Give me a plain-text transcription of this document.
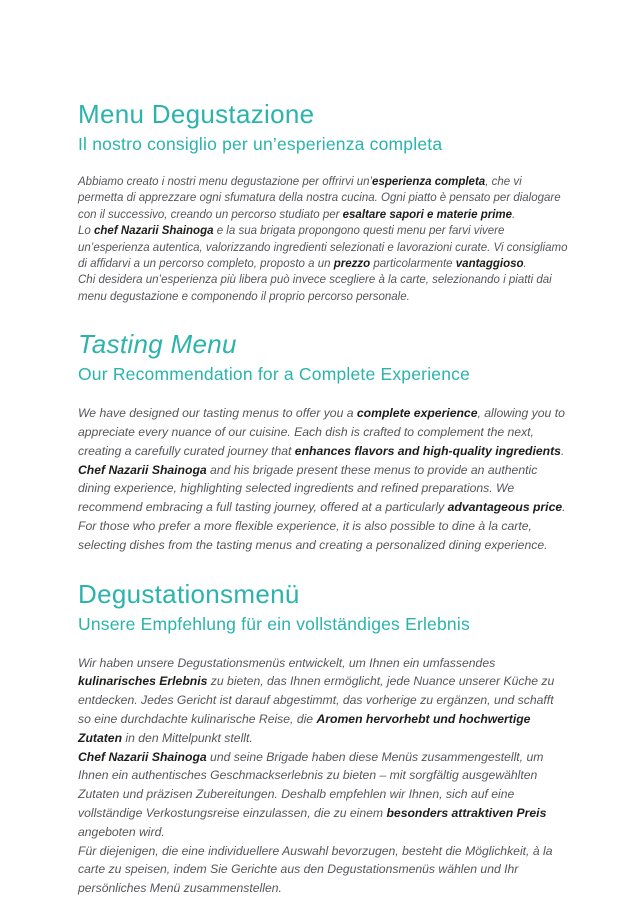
Menu Degustazione
Il nostro consiglio per un’esperienza completa

Abbiamo creato i nostri menu degustazione per offrirvi un’esperienza completa, che vi permetta di apprezzare ogni sfumatura della nostra cucina. Ogni piatto è pensato per dialogare con il successivo, creando un percorso studiato per esaltare sapori e materie prime.

Lo chef Nazarii Shainoga e la sua brigata propongono questi menu per farvi vivere un’esperienza autentica, valorizzando ingredienti selezionati e lavorazioni curate. Vi consigliamo di affidarvi a un percorso completo, proposto a un prezzo particolarmente vantaggioso.

Chi desidera un’esperienza più libera può invece scegliere à la carte, selezionando i piatti dai menu degustazione e componendo il proprio percorso personale.

Tasting Menu
Our Recommendation for a Complete Experience

We have designed our tasting menus to offer you a complete experience, allowing you to appreciate every nuance of our cuisine. Each dish is crafted to complement the next, creating a carefully curated journey that enhances flavors and high-quality ingredients.

Chef Nazarii Shainoga and his brigade present these menus to provide an authentic dining experience, highlighting selected ingredients and refined preparations. We recommend embracing a full tasting journey, offered at a particularly advantageous price.

For those who prefer a more flexible experience, it is also possible to dine à la carte, selecting dishes from the tasting menus and creating a personalized dining experience.

Degustationsmenü
Unsere Empfehlung für ein vollständiges Erlebnis

Wir haben unsere Degustationsmenüs entwickelt, um Ihnen ein umfassendes kulinarisches Erlebnis zu bieten, das Ihnen ermöglicht, jede Nuance unserer Küche zu entdecken. Jedes Gericht ist darauf abgestimmt, das vorherige zu ergänzen, und schafft so eine durchdachte kulinarische Reise, die Aromen hervorhebt und hochwertige Zutaten in den Mittelpunkt stellt.

Chef Nazarii Shainoga und seine Brigade haben diese Menüs zusammengestellt, um Ihnen ein authentisches Geschmackserlebnis zu bieten – mit sorgfältig ausgewählten Zutaten und präzisen Zubereitungen. Deshalb empfehlen wir Ihnen, sich auf eine vollständige Verkostungsreise einzulassen, die zu einem besonders attraktiven Preis angeboten wird.

Für diejenigen, die eine individuellere Auswahl bevorzugen, besteht die Möglichkeit, à la carte zu speisen, indem Sie Gerichte aus den Degustationsmenüs wählen und Ihr persönliches Menü zusammenstellen.
